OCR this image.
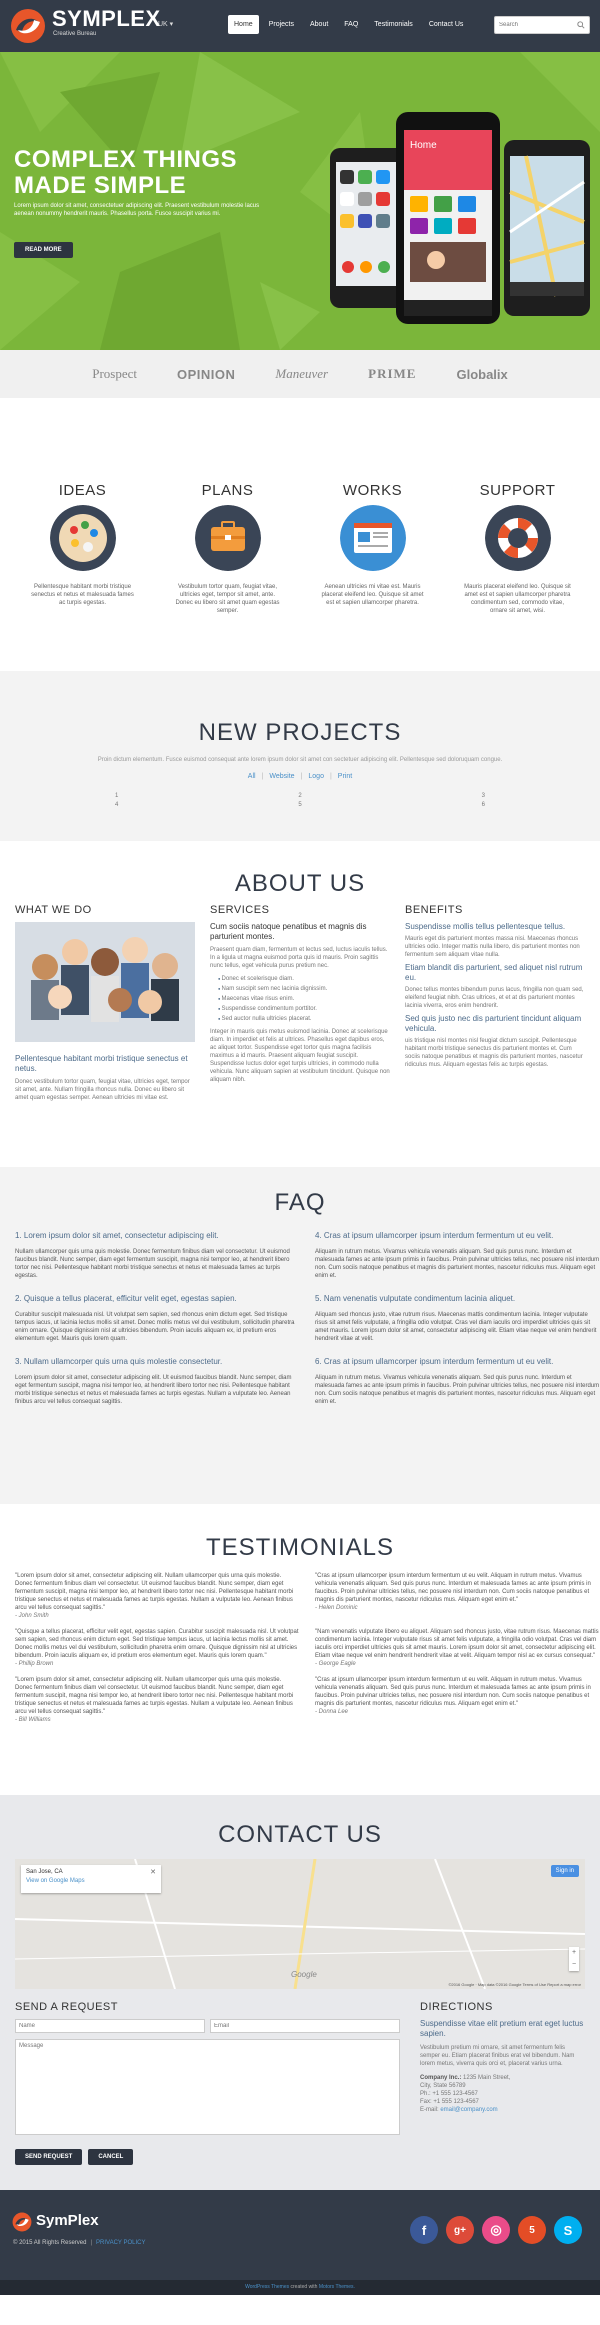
SYMPLEX
Creative Bureau
UK ▾	Home	Projects	About	FAQ	Testimonials	Contact Us
Search
COMPLEX THINGS
MADE SIMPLE
Lorem ipsum dolor sit amet, consectetuer adipiscing elit. Praesent vestibulum molestie lacus aenean nonummy hendrerit mauris. Phasellus porta. Fusce suscipit varius mi.
READ MORE
Home
Prospect	OPINION	Maneuver	PRIME	Globalix
IDEAS

Pellentesque habitant morbi tristique senectus et netus et malesuada fames ac turpis egestas.

PLANS

Vestibulum tortor quam, feugiat vitae, ultricies eget, tempor sit amet, ante. Donec eu libero sit amet quam egestas semper.

WORKS

Aenean ultricies mi vitae est. Mauris placerat eleifend leo. Quisque sit amet est et sapien ullamcorper pharetra.

SUPPORT

Mauris placerat eleifend leo. Quisque sit amet est et sapien ullamcorper pharetra condimentum sed, commodo vitae, ornare sit amet, wisi.

NEW PROJECTS
Proin dictum elementum. Fusce euismod consequat ante lorem ipsum dolor sit amet con sectetuer adipiscing elit. Pellentesque sed doloruquam congue.
All | Website | Logo | Print
1
4
2
5
3
6
ABOUT US
WHAT WE DO
Pellentesque habitant morbi tristique senectus et netus.

Donec vestibulum tortor quam, feugiat vitae, ultricies eget, tempor sit amet, ante. Nullam fringilla rhoncus nulla. Donec eu libero sit amet quam egestas semper. Aenean ultricies mi vitae est.

SERVICES
Cum sociis natoque penatibus et magnis dis parturient montes.

Praesent quam diam, fermentum et lectus sed, luctus iaculis tellus. In a ligula ut magna euismod porta quis id mauris. Proin sagittis nunc tellus, eget vehicula purus pretium nec.

● Donec et scelerisque diam.
● Nam suscipit sem nec lacinia dignissim.
● Maecenas vitae risus enim.
● Suspendisse condimentum porttitor.
● Sed auctor nulla ultricies placerat.

Integer in mauris quis metus euismod lacinia. Donec at scelerisque diam. In imperdiet et felis at ultrices. Phasellus eget dapibus eros, ac aliquet tortor. Suspendisse eget tortor quis magna facilisis maximus a id mauris. Praesent aliquam feugiat suscipit. Suspendisse luctus dolor eget turpis ultricies, in commodo nulla vehicula. Nunc aliquam sapien at vestibulum tincidunt. Quisque non aliquam nibh.

BENEFITS
Suspendisse mollis tellus pellentesque tellus.

Mauris eget dis parturient montes massa nisi. Maecenas rhoncus ultricies odio. Integer mattis nulla libero, dis parturient montes non fermentum sem aliquam vitae nulla.

Etiam blandit dis parturient, sed aliquet nisl rutrum eu.

Donec tellus montes bibendum purus lacus, fringilla non quam sed, eleifend feugiat nibh. Cras ultrices, et et at dis parturient montes lacinia viverra, eros enim hendrerit.

Sed quis justo nec dis parturient tincidunt aliquam vehicula.

uis tristique nisl montes nisl feugiat dictum suscipit. Pellentesque habitant morbi tristique senectus dis parturient montes et. Cum sociis natoque penatibus et magnis dis parturient montes, nascetur ridiculus mus. Aliquam egestas felis ac turpis egestas.

FAQ
1. Lorem ipsum dolor sit amet, consectetur adipiscing elit.
Nullam ullamcorper quis urna quis molestie. Donec fermentum finibus diam vel consectetur. Ut euismod faucibus blandit. Nunc semper, diam eget fermentum suscipit, magna nisi tempor leo, at hendrerit libero tortor nec nisi. Pellentesque habitant morbi tristique senectus et netus et malesuada fames ac turpis egestas.
4. Cras at ipsum ullamcorper ipsum interdum fermentum ut eu velit.
Aliquam in rutrum metus. Vivamus vehicula venenatis aliquam. Sed quis purus nunc. Interdum et malesuada fames ac ante ipsum primis in faucibus. Proin pulvinar ultricies tellus, nec posuere nisl interdum non. Cum sociis natoque penatibus et magnis dis parturient montes, nascetur ridiculus mus. Aliquam eget enim et.
2. Quisque a tellus placerat, efficitur velit eget, egestas sapien.
Curabitur suscipit malesuada nisl. Ut volutpat sem sapien, sed rhoncus enim dictum eget. Sed tristique tempus iacus, ut lacinia lectus mollis sit amet. Donec mollis metus vel dui vestibulum, sollicitudin pharetra enim ornare. Quisque dignissim nisl at ultricies bibendum. Proin iaculis aliquam ex, id pretium eros elementum eget. Mauris quis lorem quam.
5. Nam venenatis vulputate condimentum lacinia aliquet.
Aliquam sed rhoncus justo, vitae rutrum risus. Maecenas mattis condimentum lacinia. Integer vulputate risus sit amet felis vulputate, a fringilla odio volutpat. Cras vel diam iaculis orci imperdiet ultricies quis sit amet mauris. Lorem ipsum dolor sit amet, consectetur adipiscing elit. Etiam vitae neque vel enim hendrerit hendrerit vitae at velit.
3. Nullam ullamcorper quis urna quis molestie consectetur.
Lorem ipsum dolor sit amet, consectetur adipiscing elit. Ut euismod faucibus blandit. Nunc semper, diam eget fermentum suscipit, magna nisi tempor leo, at hendrerit libero tortor nec nisi. Pellentesque habitant morbi tristique senectus et netus et malesuada fames ac turpis egestas. Nullam a vulputate leo. Aenean finibus arcu vel tellus consequat sagittis.
6. Cras at ipsum ullamcorper ipsum interdum fermentum ut eu velit.
Aliquam in rutrum metus. Vivamus vehicula venenatis aliquam. Sed quis purus nunc. Interdum et malesuada fames ac ante ipsum primis in faucibus. Proin pulvinar ultricies tellus, nec posuere nisl interdum non. Cum sociis natoque penatibus et magnis dis parturient montes, nascetur ridiculus mus. Aliquam eget enim et.
TESTIMONIALS
"Lorem ipsum dolor sit amet, consectetur adipiscing elit. Nullam ullamcorper quis urna quis molestie. Donec fermentum finibus diam vel consectetur. Ut euismod faucibus blandit. Nunc semper, diam eget fermentum suscipit, magna nisi tempor leo, at hendrerit libero tortor nec nisi. Pellentesque habitant morbi tristique senectus et netus et malesuada fames ac turpis egestas. Nullam a vulputate leo. Aenean finibus arcu vel tellus consequat sagittis."
- John Smith
"Cras at ipsum ullamcorper ipsum interdum fermentum ut eu velit. Aliquam in rutrum metus. Vivamus vehicula venenatis aliquam. Sed quis purus nunc. Interdum et malesuada fames ac ante ipsum primis in faucibus. Proin pulvinar ultricies tellus, nec posuere nisl interdum non. Cum sociis natoque penatibus et magnis dis parturient montes, nascetur ridiculus mus. Aliquam eget enim et."
- Helen Dominic
"Quisque a tellus placerat, efficitur velit eget, egestas sapien. Curabitur suscipit malesuada nisl. Ut volutpat sem sapien, sed rhoncus enim dictum eget. Sed tristique tempus iacus, ut lacinia lectus mollis sit amet. Donec mollis metus vel dui vestibulum, sollicitudin pharetra enim ornare. Quisque dignissim nisl at ultricies bibendum. Proin iaculis aliquam ex, id pretium eros elementum eget. Mauris quis lorem quam."
- Phillip Brown
"Nam venenatis vulputate libero eu aliquet. Aliquam sed rhoncus justo, vitae rutrum risus. Maecenas mattis condimentum lacinia. Integer vulputate risus sit amet felis vulputate, a fringilla odio volutpat. Cras vel diam iaculis orci imperdiet ultricies quis sit amet mauris. Lorem ipsum dolor sit amet, consectetur adipiscing elit. Etiam vitae neque vel enim hendrerit hendrerit vitae at velit. Aliquam tempor nisl ac ex cursus consequat."
- George Eagle
"Lorem ipsum dolor sit amet, consectetur adipiscing elit. Nullam ullamcorper quis urna quis molestie. Donec fermentum finibus diam vel consectetur. Ut euismod faucibus blandit. Nunc semper, diam eget fermentum suscipit, magna nisi tempor leo, at hendrerit libero tortor nec nisi. Pellentesque habitant morbi tristique senectus et netus et malesuada fames ac turpis egestas. Nullam a vulputate leo. Aenean finibus arcu vel tellus consequat sagittis."
- Bill Williams
"Cras at ipsum ullamcorper ipsum interdum fermentum ut eu velit. Aliquam in rutrum metus. Vivamus vehicula venenatis aliquam. Sed quis purus nunc. Interdum et malesuada fames ac ante ipsum primis in faucibus. Proin pulvinar ultricies tellus, nec posuere nisl interdum non. Cum sociis natoque penatibus et magnis dis parturient montes, nascetur ridiculus mus. Aliquam eget enim et."
- Donna Lee
CONTACT US
San Jose, CA
View on Google Maps
✕	Sign in
+
−
Google
©2016 Google · Map data ©2016 Google Terms of Use Report a map error
SEND A REQUEST
Name
Email
Message
SEND REQUEST	CANCEL
DIRECTIONS
Suspendisse vitae elit pretium erat eget luctus sapien.

Vestibulum pretium mi ornare, sit amet fermentum felis semper eu. Etiam placerat finibus erat vel bibendum. Nam lorem metus, viverra quis orci et, placerat varius urna.

Company Inc.: 1235 Main Street,
City, State 56789
Ph.: +1 555 123-4567
Fax: +1 555 123-4567
E-mail: email@company.com

SymPlex
© 2015 All Rights Reserved | PRIVACY POLICY
f	g+	◎	5	S
WordPress Themes created with Motors Themes.
